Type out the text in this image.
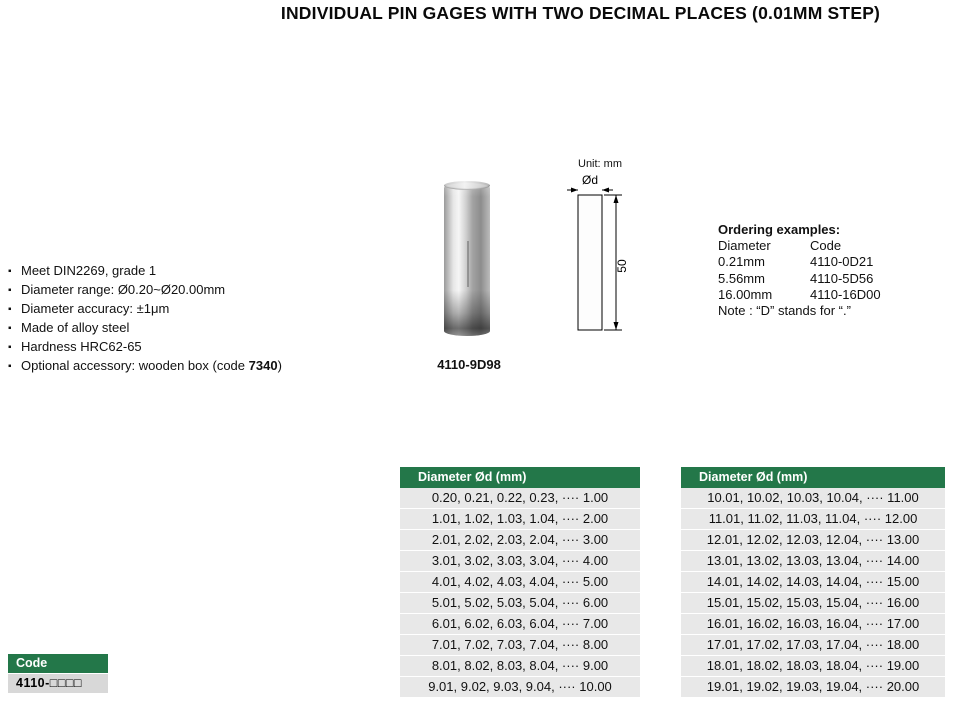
INDIVIDUAL PIN GAGES WITH TWO DECIMAL PLACES (0.01MM STEP)
▪Meet DIN2269, grade 1
▪Diameter range: Ø0.20~Ø20.00mm
▪Diameter accuracy: ±1μm
▪Made of alloy steel
▪Hardness HRC62-65
▪Optional accessory: wooden box (code 7340)	4110-9D98
Unit: mm
Ød
50
Ordering examples:
Diameter	Code
0.21mm	4110-0D21
5.56mm	4110-5D56
16.00mm	4110-16D00
Note : “D” stands for “.”
Diameter Ød (mm)
0.20, 0.21, 0.22, 0.23, ···· 1.00
1.01, 1.02, 1.03, 1.04, ···· 2.00
2.01, 2.02, 2.03, 2.04, ···· 3.00
3.01, 3.02, 3.03, 3.04, ···· 4.00
4.01, 4.02, 4.03, 4.04, ···· 5.00
5.01, 5.02, 5.03, 5.04, ···· 6.00
6.01, 6.02, 6.03, 6.04, ···· 7.00
7.01, 7.02, 7.03, 7.04, ···· 8.00
8.01, 8.02, 8.03, 8.04, ···· 9.00
9.01, 9.02, 9.03, 9.04, ···· 10.00
Diameter Ød (mm)
10.01, 10.02, 10.03, 10.04, ···· 11.00
11.01, 11.02, 11.03, 11.04, ···· 12.00
12.01, 12.02, 12.03, 12.04, ···· 13.00
13.01, 13.02, 13.03, 13.04, ···· 14.00
14.01, 14.02, 14.03, 14.04, ···· 15.00
15.01, 15.02, 15.03, 15.04, ···· 16.00
16.01, 16.02, 16.03, 16.04, ···· 17.00
17.01, 17.02, 17.03, 17.04, ···· 18.00
18.01, 18.02, 18.03, 18.04, ···· 19.00
19.01, 19.02, 19.03, 19.04, ···· 20.00
Code
4110-□□□□
